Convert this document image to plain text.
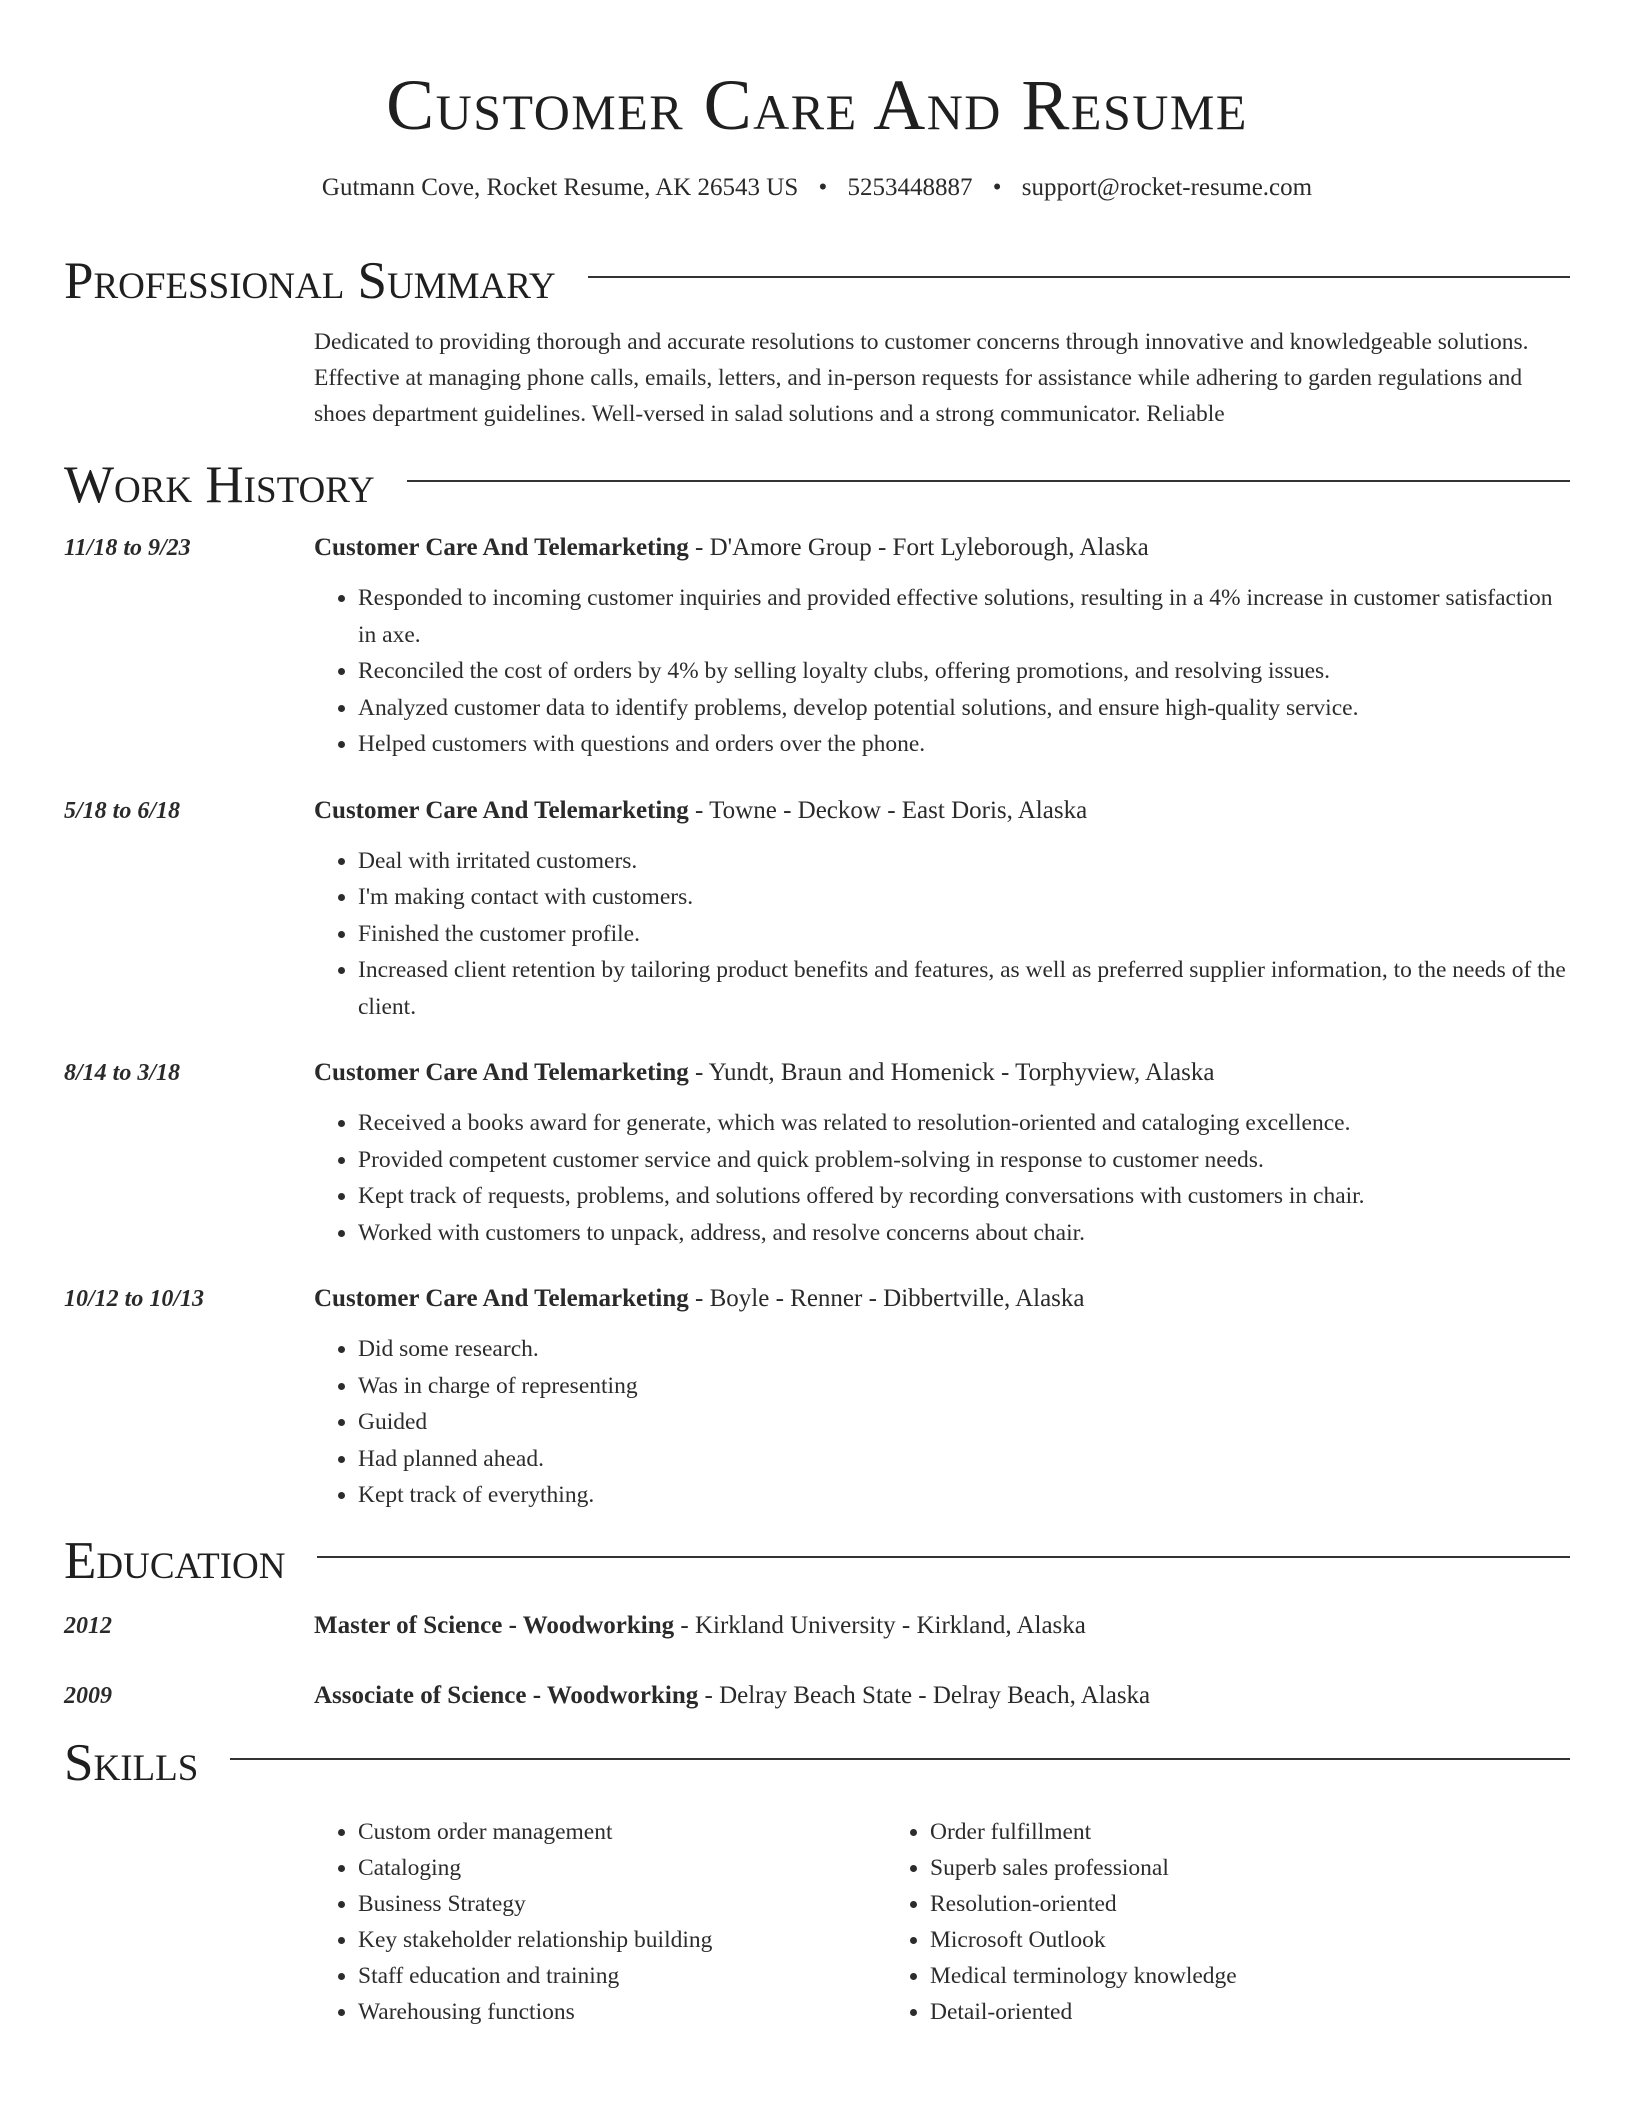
Customer Care And Resume
Gutmann Cove, Rocket Resume, AK 26543 US • 5253448887 • support@rocket-resume.com
Professional Summary
Dedicated to providing thorough and accurate resolutions to customer concerns through innovative and knowledgeable solutions. Effective at managing phone calls, emails, letters, and in-person requests for assistance while adhering to garden regulations and shoes department guidelines. Well-versed in salad solutions and a strong communicator. Reliable
Work History
11/18 to 9/23	Customer Care And Telemarketing - D'Amore Group - Fort Lyleborough, Alaska
• Responded to incoming customer inquiries and provided effective solutions, resulting in a 4% increase in customer satisfaction in axe.
• Reconciled the cost of orders by 4% by selling loyalty clubs, offering promotions, and resolving issues.
• Analyzed customer data to identify problems, develop potential solutions, and ensure high-quality service.
• Helped customers with questions and orders over the phone.
5/18 to 6/18	Customer Care And Telemarketing - Towne - Deckow - East Doris, Alaska
• Deal with irritated customers.
• I'm making contact with customers.
• Finished the customer profile.
• Increased client retention by tailoring product benefits and features, as well as preferred supplier information, to the needs of the client.
8/14 to 3/18	Customer Care And Telemarketing - Yundt, Braun and Homenick - Torphyview, Alaska
• Received a books award for generate, which was related to resolution-oriented and cataloging excellence.
• Provided competent customer service and quick problem-solving in response to customer needs.
• Kept track of requests, problems, and solutions offered by recording conversations with customers in chair.
• Worked with customers to unpack, address, and resolve concerns about chair.
10/12 to 10/13	Customer Care And Telemarketing - Boyle - Renner - Dibbertville, Alaska
• Did some research.
• Was in charge of representing
• Guided
• Had planned ahead.
• Kept track of everything.
Education
2012	Master of Science - Woodworking - Kirkland University - Kirkland, Alaska
2009	Associate of Science - Woodworking - Delray Beach State - Delray Beach, Alaska
Skills
• Custom order management
• Cataloging
• Business Strategy
• Key stakeholder relationship building
• Staff education and training
• Warehousing functions
• Order fulfillment
• Superb sales professional
• Resolution-oriented
• Microsoft Outlook
• Medical terminology knowledge
• Detail-oriented
